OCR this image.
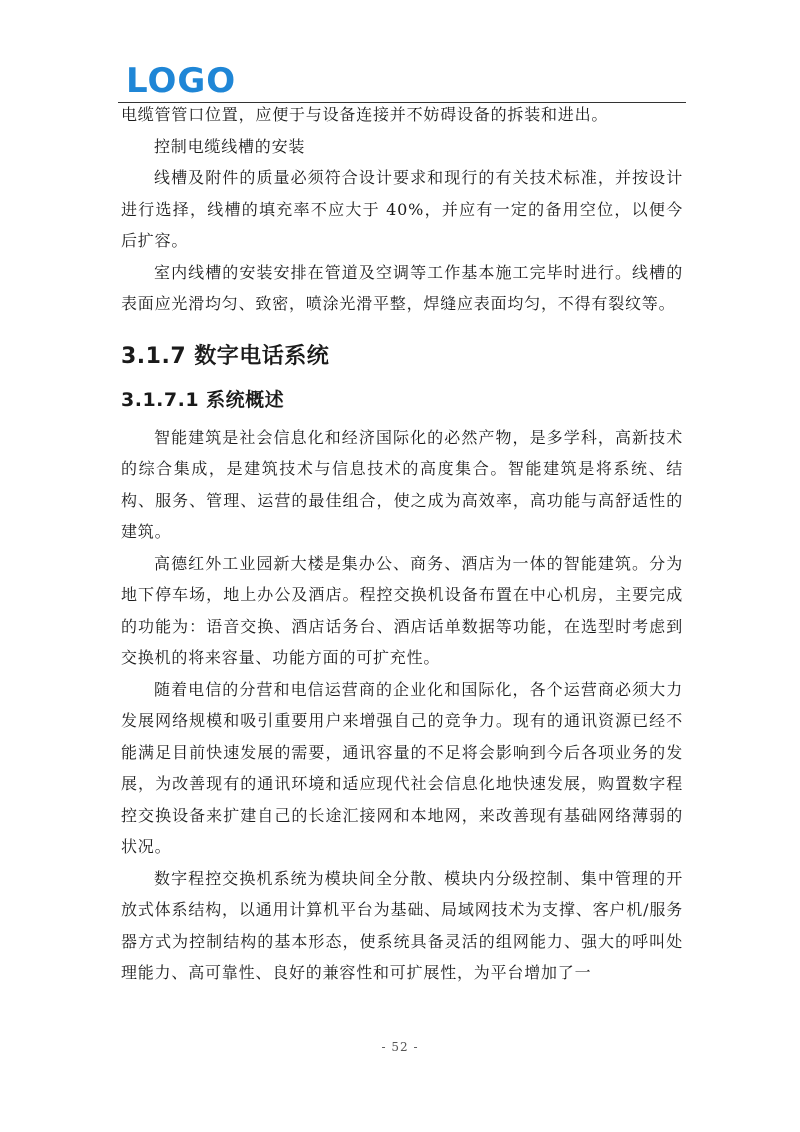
LOGO

电缆管管口位置，应便于与设备连接并不妨碍设备的拆装和进出。

控制电缆线槽的安装

线槽及附件的质量必须符合设计要求和现行的有关技术标准，并按设计进行选择，线槽的填充率不应大于 40%，并应有一定的备用空位，以便今后扩容。

室内线槽的安装安排在管道及空调等工作基本施工完毕时进行。线槽的表面应光滑均匀、致密，喷涂光滑平整，焊缝应表面均匀，不得有裂纹等。

3.1.7 数字电话系统
3.1.7.1 系统概述

智能建筑是社会信息化和经济国际化的必然产物，是多学科，高新技术的综合集成，是建筑技术与信息技术的高度集合。智能建筑是将系统、结构、服务、管理、运营的最佳组合，使之成为高效率，高功能与高舒适性的建筑。

高德红外工业园新大楼是集办公、商务、酒店为一体的智能建筑。分为地下停车场，地上办公及酒店。程控交换机设备布置在中心机房，主要完成的功能为：语音交换、酒店话务台、酒店话单数据等功能，在选型时考虑到交换机的将来容量、功能方面的可扩充性。

随着电信的分营和电信运营商的企业化和国际化，各个运营商必须大力发展网络规模和吸引重要用户来增强自己的竞争力。现有的通讯资源已经不能满足目前快速发展的需要，通讯容量的不足将会影响到今后各项业务的发展，为改善现有的通讯环境和适应现代社会信息化地快速发展，购置数字程控交换设备来扩建自己的长途汇接网和本地网，来改善现有基础网络薄弱的状况。

数字程控交换机系统为模块间全分散、模块内分级控制、集中管理的开放式体系结构，以通用计算机平台为基础、局域网技术为支撑、客户机/服务器方式为控制结构的基本形态，使系统具备灵活的组网能力、强大的呼叫处理能力、高可靠性、良好的兼容性和可扩展性，为平台增加了一

- 52 -
